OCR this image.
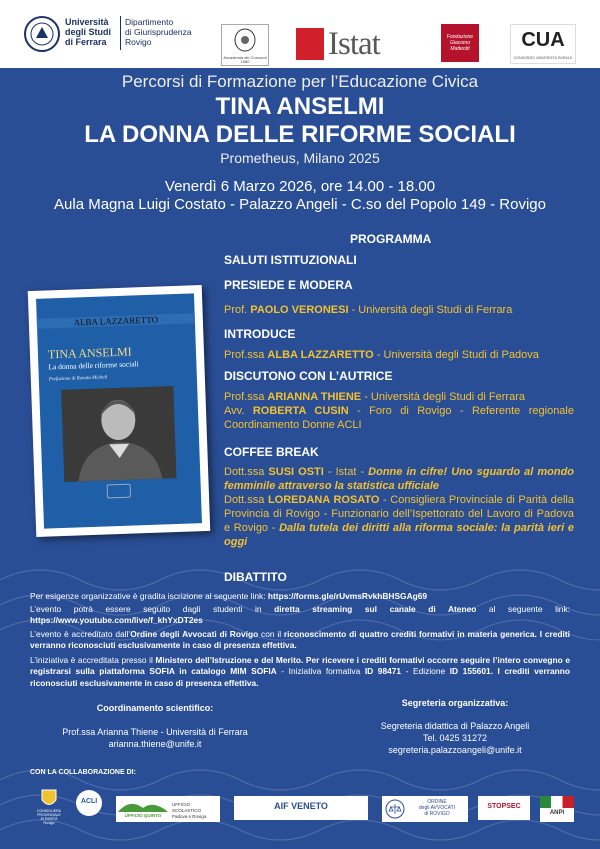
Università
degli Studi
di Ferrara
Dipartimento
di Giurisprudenza
Rovigo
Accademia dei Concordi
1580	Istat	Fondazione
Giacomo Matteotti	CUA
CONSORZIO UNIVERSITÀ RURALE
Percorsi di Formazione per l’Educazione Civica
TINA ANSELMI
LA DONNA DELLE RIFORME SOCIALI
Prometheus, Milano 2025
Venerdì 6 Marzo 2026, ore 14.00 - 18.00
Aula Magna Luigi Costato - Palazzo Angeli - C.so del Popolo 149 - Rovigo
ALBA LAZZARETTO
TINA ANSELMI
La donna delle riforme sociali
Prefazione di Renata Micheli
PROGRAMMA
SALUTI ISTITUZIONALI
PRESIEDE E MODERA
Prof. PAOLO VERONESI - Università degli Studi di Ferrara
INTRODUCE
Prof.ssa ALBA LAZZARETTO - Università degli Studi di Padova
DISCUTONO CON L’AUTRICE
Prof.ssa ARIANNA THIENE - Università degli Studi di Ferrara
Avv. ROBERTA CUSIN - Foro di Rovigo - Referente regionale Coordinamento Donne ACLI
COFFEE BREAK
Dott.ssa SUSI OSTI - Istat - Donne in cifre! Uno sguardo al mondo femminile attraverso la statistica ufficiale
Dott.ssa LOREDANA ROSATO - Consigliera Provinciale di Parità della Provincia di Rovigo - Funzionario dell’Ispettorato del Lavoro di Padova e Rovigo - Dalla tutela dei diritti alla riforma sociale: la parità ieri e oggi
DIBATTITO
Per esigenze organizzative è gradita iscrizione al seguente link: https://forms.gle/rUvmsRvkhBHSGAg69
L’evento potrà essere seguito dagli studenti in diretta streaming sul canale di Ateneo al seguente link: https://www.youtube.com/live/f_khYxDT2es
L’evento è accreditato dall’Ordine degli Avvocati di Rovigo con il riconoscimento di quattro crediti formativi in materia generica. I crediti verranno riconosciuti esclusivamente in caso di presenza effettiva.
L’iniziativa è accreditata presso il Ministero dell’Istruzione e del Merito. Per ricevere i crediti formativi occorre seguire l’intero convegno e registrarsi sulla piattaforma SOFIA in catalogo MIM SOFIA - Iniziativa formativa ID 98471 - Edizione ID 155601. I crediti verranno riconosciuti esclusivamente in caso di presenza effettiva.
Coordinamento scientifico:
Prof.ssa Arianna Thiene - Università di Ferrara
arianna.thiene@unife.it
Segreteria organizzativa:
Segreteria didattica di Palazzo Angeli
Tel. 0425 31272
segreteria.palazzoangeli@unife.it
CON LA COLLABORAZIONE DI:
CONSIGLIERA PROVINCIALE
DI PARITÀ
Rovigo
ACLI
UFFICIO QUINTO
UFFICIO SCOLASTICO
Padova e Rovigo
AIF VENETO	ORDINE
degli AVVOCATI
di ROVIGO
STOPSEC
ANPI
